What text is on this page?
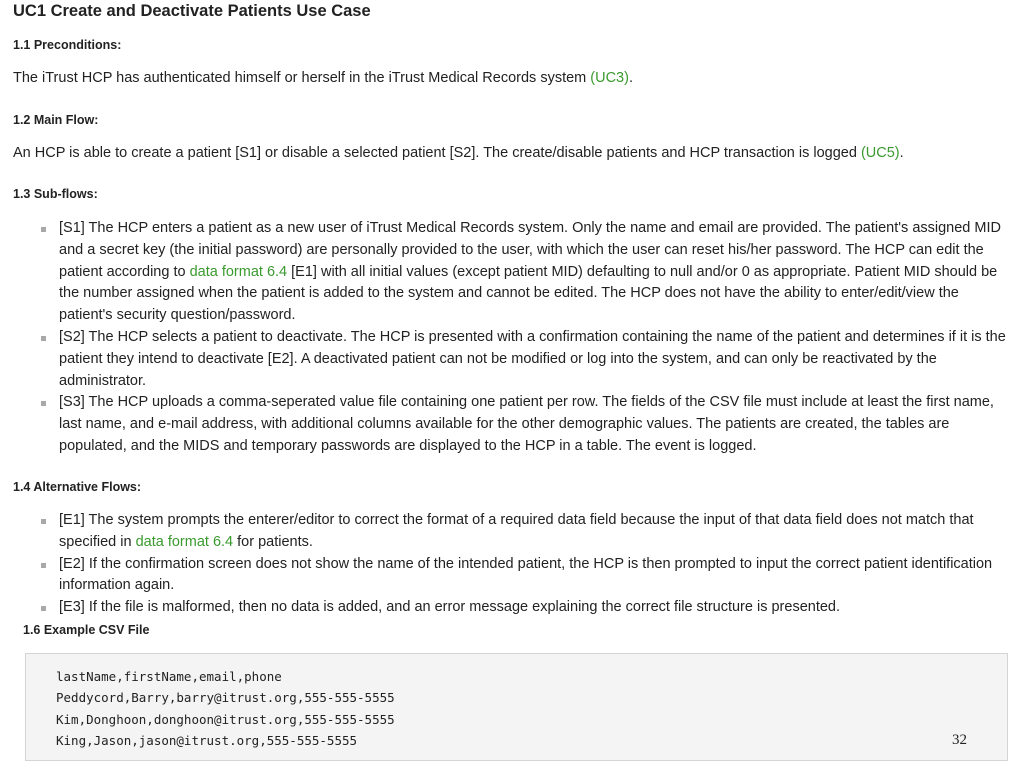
UC1 Create and Deactivate Patients Use Case
1.1 Preconditions:
The iTrust HCP has authenticated himself or herself in the iTrust Medical Records system (UC3).
1.2 Main Flow:
An HCP is able to create a patient [S1] or disable a selected patient [S2]. The create/disable patients and HCP transaction is logged (UC5).
1.3 Sub-flows:
[S1] The HCP enters a patient as a new user of iTrust Medical Records system. Only the name and email are provided. The patient's assigned MID and a secret key (the initial password) are personally provided to the user, with which the user can reset his/her password. The HCP can edit the patient according to data format 6.4 [E1] with all initial values (except patient MID) defaulting to null and/or 0 as appropriate. Patient MID should be the number assigned when the patient is added to the system and cannot be edited. The HCP does not have the ability to enter/edit/view the patient's security question/password.
[S2] The HCP selects a patient to deactivate. The HCP is presented with a confirmation containing the name of the patient and determines if it is the patient they intend to deactivate [E2]. A deactivated patient can not be modified or log into the system, and can only be reactivated by the administrator.
[S3] The HCP uploads a comma-seperated value file containing one patient per row. The fields of the CSV file must include at least the first name, last name, and e-mail address, with additional columns available for the other demographic values. The patients are created, the tables are populated, and the MIDS and temporary passwords are displayed to the HCP in a table. The event is logged.
1.4 Alternative Flows:
[E1] The system prompts the enterer/editor to correct the format of a required data field because the input of that data field does not match that specified in data format 6.4 for patients.
[E2] If the confirmation screen does not show the name of the intended patient, the HCP is then prompted to input the correct patient identification information again.
[E3] If the file is malformed, then no data is added, and an error message explaining the correct file structure is presented.
1.6 Example CSV File
lastName,firstName,email,phone
Peddycord,Barry,barry@itrust.org,555-555-5555
Kim,Donghoon,donghoon@itrust.org,555-555-5555
King,Jason,jason@itrust.org,555-555-5555	32
